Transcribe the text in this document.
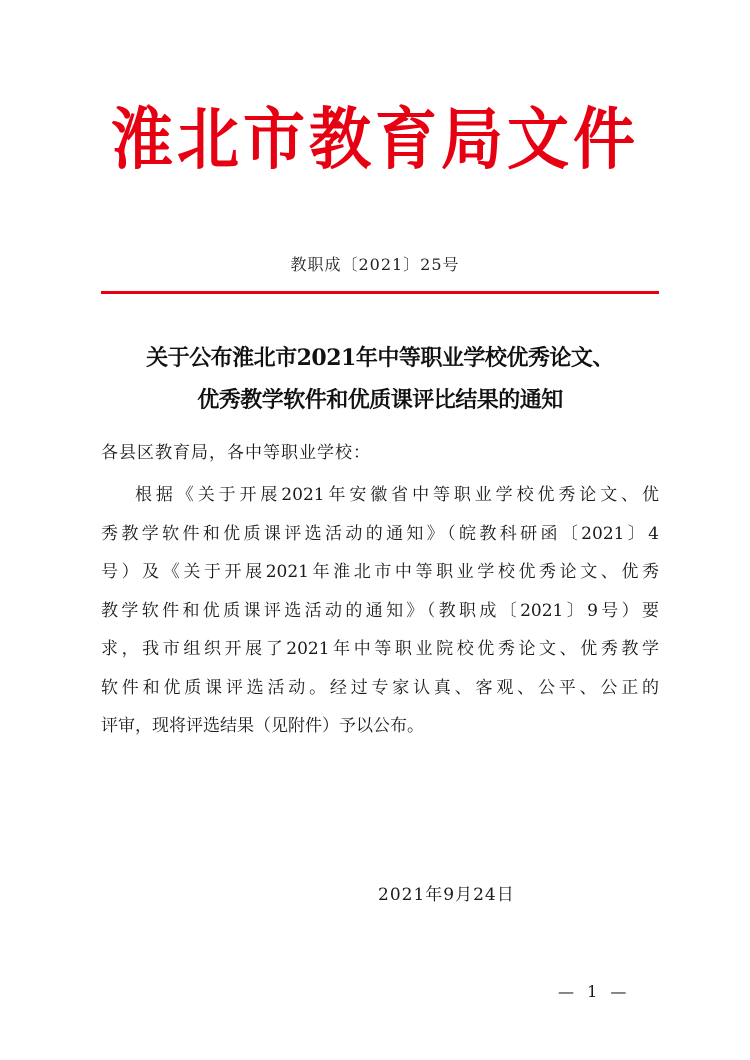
淮北市教育局文件
教职成〔2021〕25号
关于公布淮北市2021年中等职业学校优秀论文、
优秀教学软件和优质课评比结果的通知
各县区教育局，各中等职业学校：
根据《关于开展2021年安徽省中等职业学校优秀论文、优
秀教学软件和优质课评选活动的通知》（皖教科研函〔2021〕4
号）及《关于开展2021年淮北市中等职业学校优秀论文、优秀
教学软件和优质课评选活动的通知》（教职成〔2021〕9号）要
求，我市组织开展了2021年中等职业院校优秀论文、优秀教学
软件和优质课评选活动。经过专家认真、客观、公平、公正的
评审，现将评选结果（见附件）予以公布。
2021年9月24日
— 1 —
